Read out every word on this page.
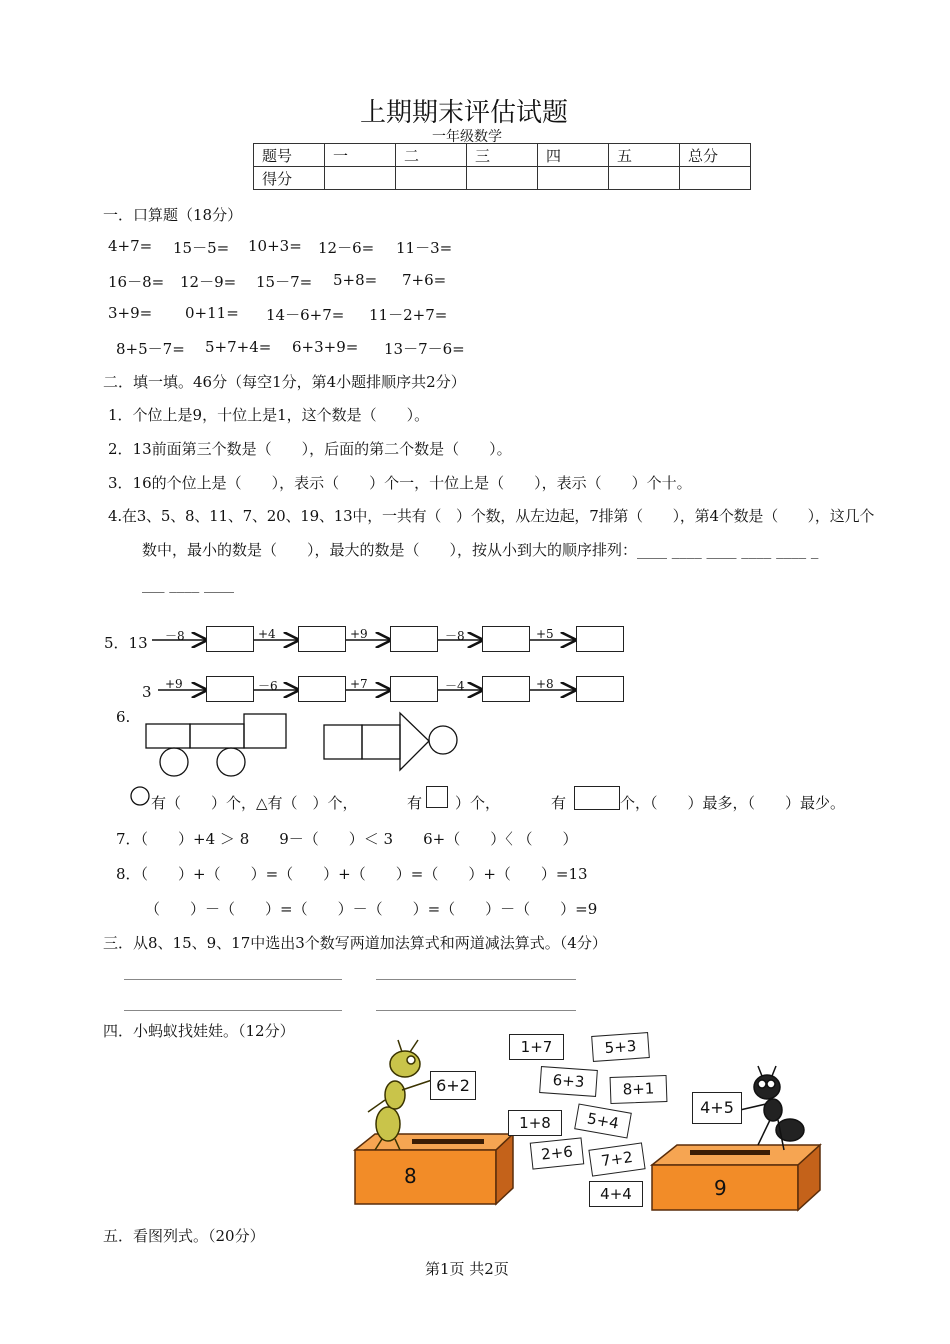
上期期末评估试题
一年级数学
题号	一	二	三	四	五	总分
得分						
一．口算题（18分）
4+7= 15－5= 10+3= 12－6= 11－3=
16－8= 12－9= 15－7= 5+8= 7+6=
3+9= 0+11= 14－6+7= 11－2+7=
8+5－7= 5+7+4= 6+3+9= 13－7－6=
二．填一填。46分（每空1分，第4小题排顺序共2分）
1．个位上是9，十位上是1，这个数是（　　）。
2．13前面第三个数是（　　），后面的第二个数是（　　）。
3．16的个位上是（　　），表示（　　）个一，十位上是（　　），表示（　　）个十。
4.在3、5、8、11、7、20、19、13中，一共有（　）个数，从左边起，7排第（　　），第4个数是（　　），这几个
数中，最小的数是（　　），最大的数是（　　），按从小到大的顺序排列：____ ____ ____ ____ ____ _
___ ____ ____
5．13 －8	+4	+9	－8	+5
3 +9	－6	+7	－4	+8
6.
有（　　）个，△有（　）个，	有 ）个，	有	个，（　　）最多，（　　）最少。
7．（　　）+4 ＞ 8　　9－（　　）＜ 3　　6+（　　）〈 （　　）
8．（　　）+（　　）=（　　）+（　　）=（　　）+（　　）=13
（　　）－（　　）=（　　）－（　　）=（　　）－（　　）=9
三．从8、15、9、17中选出3个数写两道加法算式和两道减法算式。（4分）
四．小蚂蚁找娃娃。（12分）
8	9
6+2
4+5
1+7	5+3
6+3	8+1
1+8	5+4
2+6	7+2
4+4
五．看图列式。（20分）
第1页 共2页
